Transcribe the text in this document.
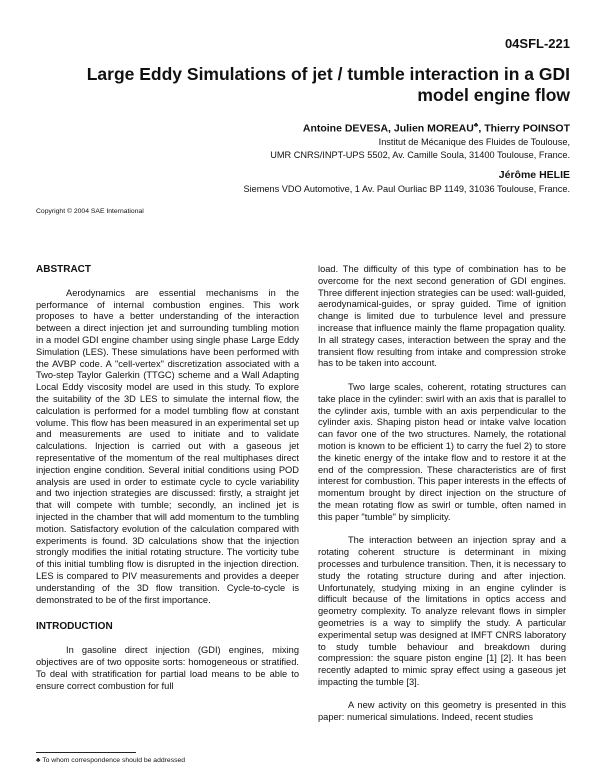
04SFL-221
Large Eddy Simulations of jet / tumble interaction in a GDI
model engine flow
Antoine DEVESA, Julien MOREAU♣, Thierry POINSOT
Institut de Mécanique des Fluides de Toulouse,
UMR CNRS/INPT-UPS 5502, Av. Camille Soula, 31400 Toulouse, France.
Jérôme HELIE
Siemens VDO Automotive, 1 Av. Paul Ourliac BP 1149, 31036 Toulouse, France.
Copyright © 2004 SAE International
ABSTRACT

Aerodynamics are essential mechanisms in the performance of internal combustion engines. This work proposes to have a better understanding of the interaction between a direct injection jet and surrounding tumbling motion in a model GDI engine chamber using single phase Large Eddy Simulation (LES). These simulations have been performed with the AVBP code. A "cell-vertex" discretization associated with a Two-step Taylor Galerkin (TTGC) scheme and a Wall Adapting Local Eddy viscosity model are used in this study. To explore the suitability of the 3D LES to simulate the internal flow, the calculation is performed for a model tumbling flow at constant volume. This flow has been measured in an experimental set up and measurements are used to initiate and to validate calculations. Injection is carried out with a gaseous jet representative of the momentum of the real multiphases direct injection engine condition. Several initial conditions using POD analysis are used in order to estimate cycle to cycle variability and two injection strategies are discussed: firstly, a straight jet that will compete with tumble; secondly, an inclined jet is injected in the chamber that will add momentum to the tumbling motion. Satisfactory evolution of the calculation compared with experiments is found. 3D calculations show that the injection strongly modifies the initial rotating structure. The vorticity tube of this initial tumbling flow is disrupted in the injection direction. LES is compared to PIV measurements and provides a deeper understanding of the 3D flow transition. Cycle-to-cycle is demonstrated to be of the first importance.

INTRODUCTION

In gasoline direct injection (GDI) engines, mixing objectives are of two opposite sorts: homogeneous or stratified. To deal with stratification for partial load means to be able to ensure correct combustion for full

load. The difficulty of this type of combination has to be overcome for the next second generation of GDI engines. Three different injection strategies can be used: wall-guided, aerodynamical-guides, or spray guided. Time of ignition change is limited due to turbulence level and pressure increase that influence mainly the flame propagation quality. In all strategy cases, interaction between the spray and the transient flow resulting from intake and compression stroke has to be taken into account.

Two large scales, coherent, rotating structures can take place in the cylinder: swirl with an axis that is parallel to the cylinder axis, tumble with an axis perpendicular to the cylinder axis. Shaping piston head or intake valve location can favor one of the two structures. Namely, the rotational motion is known to be efficient 1) to carry the fuel 2) to store the kinetic energy of the intake flow and to restore it at the end of the compression. These characteristics are of first interest for combustion. This paper interests in the effects of momentum brought by direct injection on the structure of the mean rotating flow as swirl or tumble, often named in this paper "tumble" by simplicity.

The interaction between an injection spray and a rotating coherent structure is determinant in mixing processes and turbulence transition. Then, it is necessary to study the rotating structure during and after injection. Unfortunately, studying mixing in an engine cylinder is difficult because of the limitations in optics access and geometry complexity. To analyze relevant flows in simpler geometries is a way to simplify the study. A particular experimental setup was designed at IMFT CNRS laboratory to study tumble behaviour and breakdown during compression: the square piston engine [1] [2]. It has been recently adapted to mimic spray effect using a gaseous jet impacting the tumble [3].

A new activity on this geometry is presented in this paper: numerical simulations. Indeed, recent studies

♣ To whom correspondence should be addressed
